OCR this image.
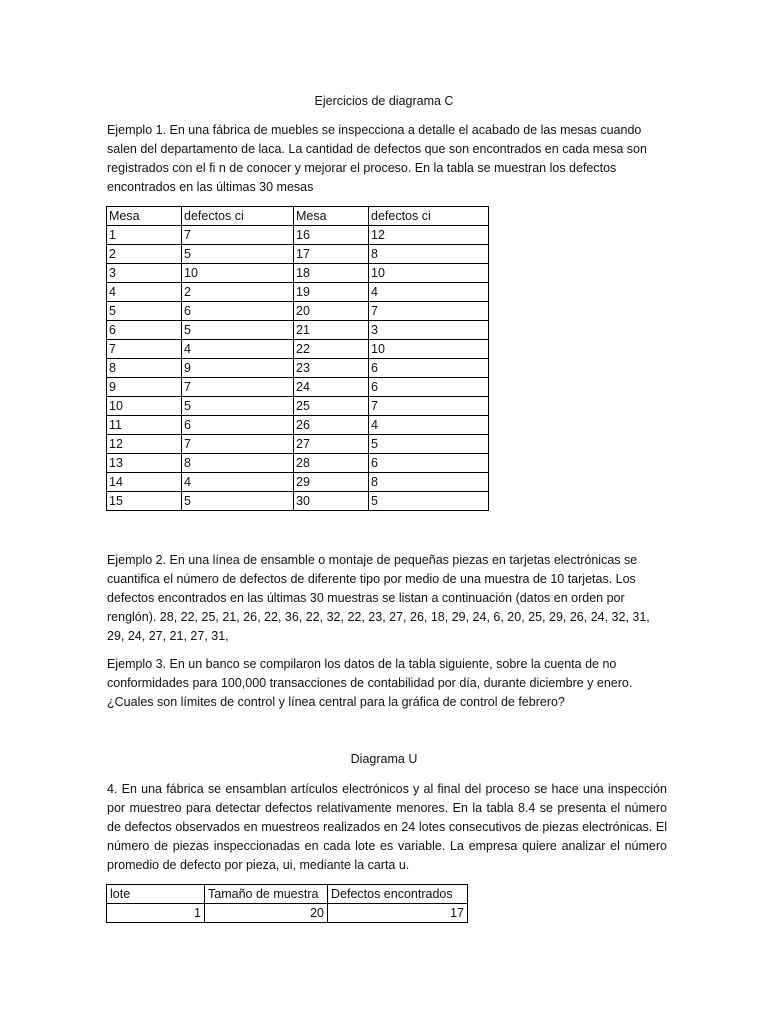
Ejercicios de diagrama C

Ejemplo 1. En una fábrica de muebles se inspecciona a detalle el acabado de las mesas cuando salen del departamento de laca. La cantidad de defectos que son encontrados en cada mesa son registrados con el fi n de conocer y mejorar el proceso. En la tabla se muestran los defectos encontrados en las últimas 30 mesas

Mesa	defectos ci	Mesa	defectos ci
1	7	16	12
2	5	17	8
3	10	18	10
4	2	19	4
5	6	20	7
6	5	21	3
7	4	22	10
8	9	23	6
9	7	24	6
10	5	25	7
11	6	26	4
12	7	27	5
13	8	28	6
14	4	29	8
15	5	30	5

Ejemplo 2. En una línea de ensamble o montaje de pequeñas piezas en tarjetas electrónicas se cuantifica el número de defectos de diferente tipo por medio de una muestra de 10 tarjetas. Los defectos encontrados en las últimas 30 muestras se listan a continuación (datos en orden por renglón). 28, 22, 25, 21, 26, 22, 36, 22, 32, 22, 23, 27, 26, 18, 29, 24, 6, 20, 25, 29, 26, 24, 32, 31, 29, 24, 27, 21, 27, 31,

Ejemplo 3. En un banco se compilaron los datos de la tabla siguiente, sobre la cuenta de no conformidades para 100,000 transacciones de contabilidad por día, durante diciembre y enero. ¿Cuales son límites de control y línea central para la gráfica de control de febrero?

Diagrama U

4. En una fábrica se ensamblan artículos electrónicos y al final del proceso se hace una inspección por muestreo para detectar defectos relativamente menores. En la tabla 8.4 se presenta el número de defectos observados en muestreos realizados en 24 lotes consecutivos de piezas electrónicas. El número de piezas inspeccionadas en cada lote es variable. La empresa quiere analizar el número promedio de defecto por pieza, ui, mediante la carta u.

lote	Tamaño de muestra	Defectos encontrados
1	20	17
